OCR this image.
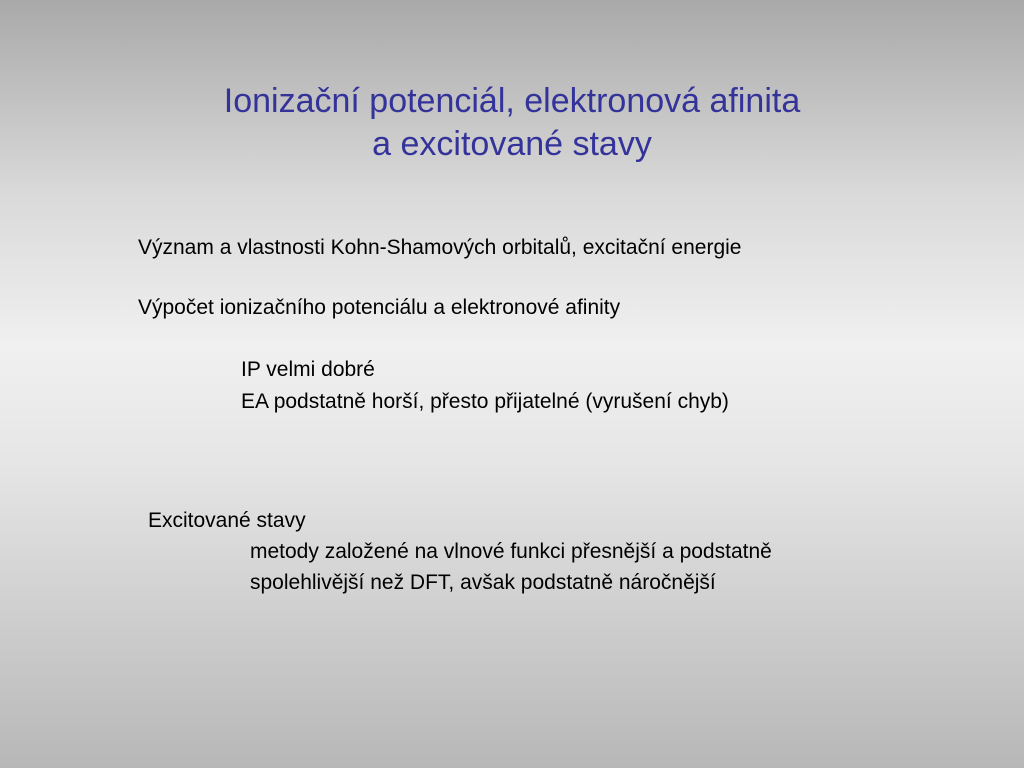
Ionizační potenciál, elektronová afinita
a excitované stavy
Význam a vlastnosti Kohn-Shamových orbitalů, excitační energie
Výpočet ionizačního potenciálu a elektronové afinity
IP velmi dobré
EA podstatně horší, přesto přijatelné (vyrušení chyb)
Excitované stavy
metody založené na vlnové funkci přesnější a podstatně
spolehlivější než DFT, avšak podstatně náročnější
